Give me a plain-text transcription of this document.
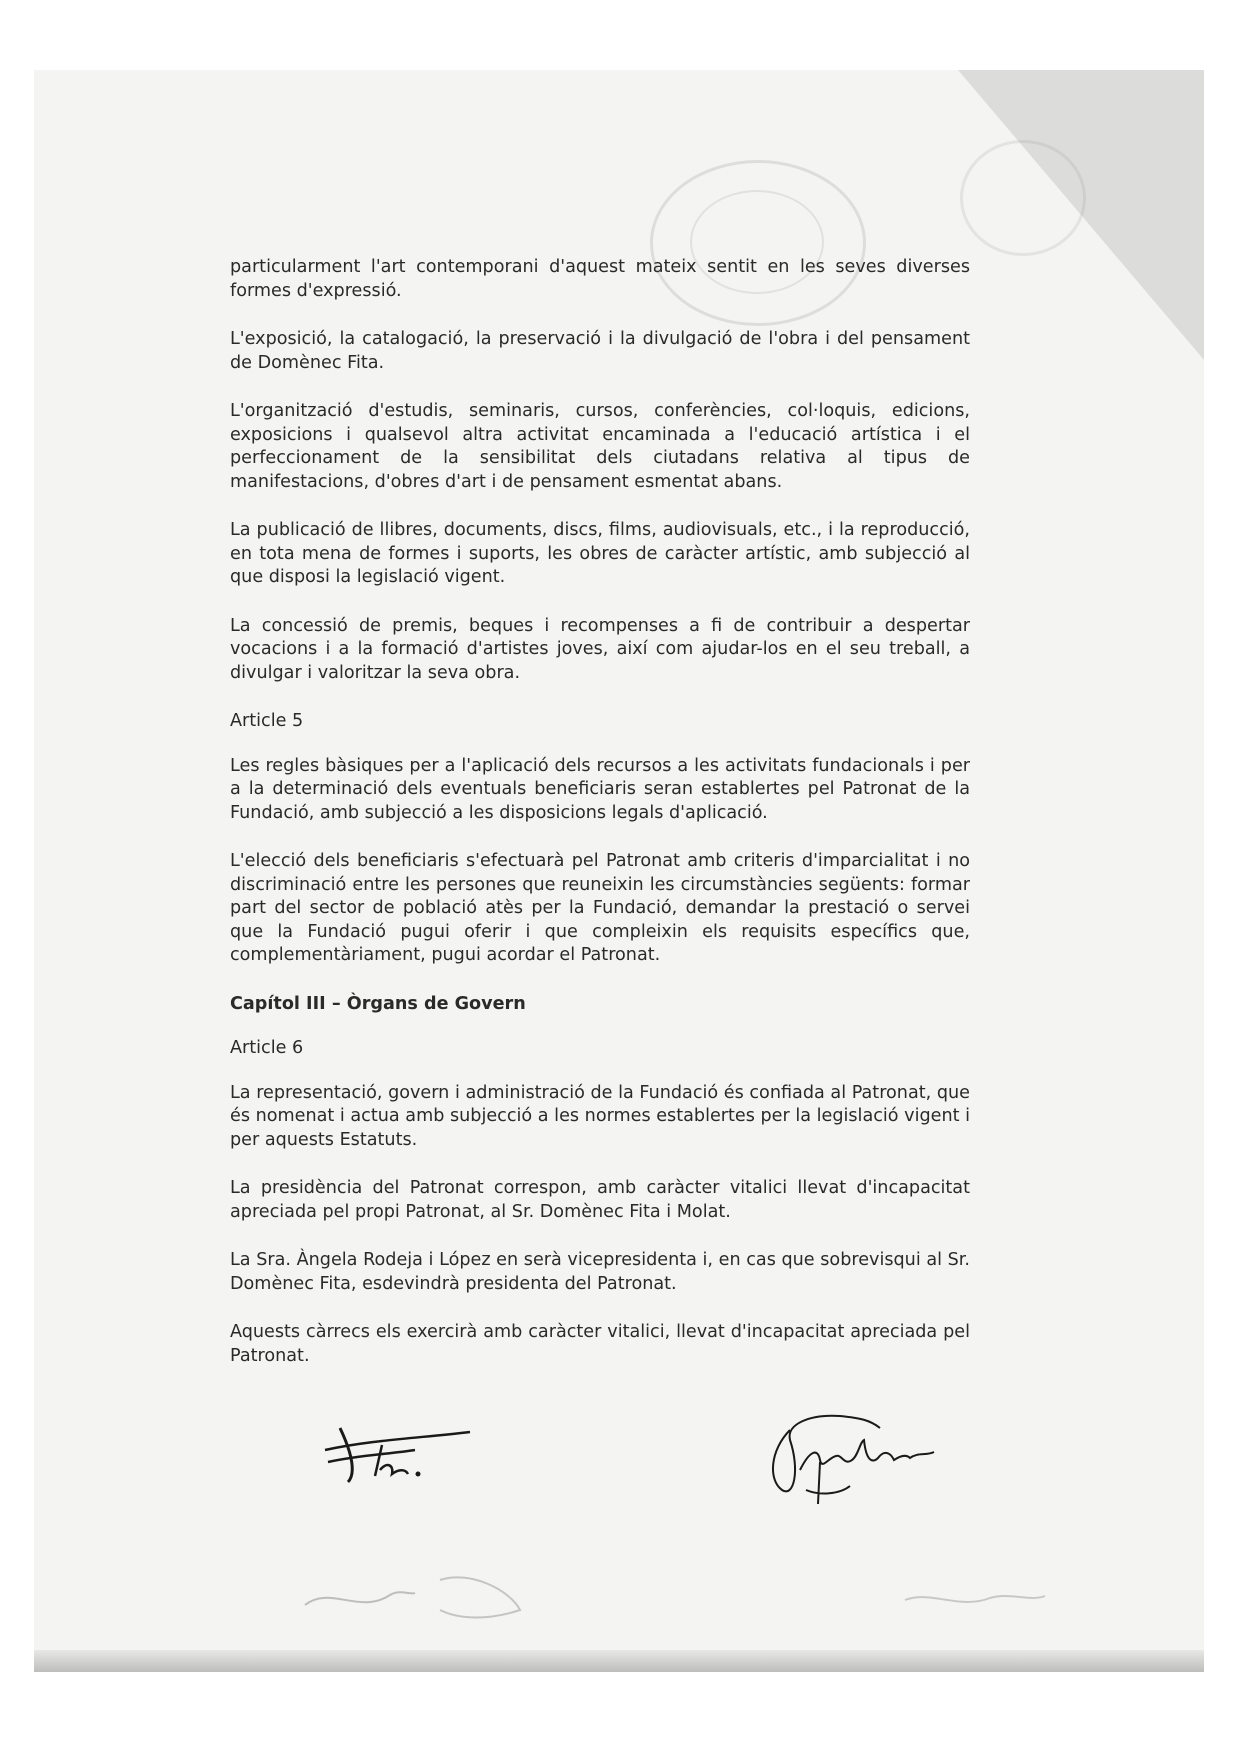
particularment l'art contemporani d'aquest mateix sentit en les seves diverses formes d'expressió.

L'exposició, la catalogació, la preservació i la divulgació de l'obra i del pensament de Domènec Fita.

L'organització d'estudis, seminaris, cursos, conferències, col·loquis, edicions, exposicions i qualsevol altra activitat encaminada a l'educació artística i el perfeccionament de la sensibilitat dels ciutadans relativa al tipus de manifestacions, d'obres d'art i de pensament esmentat abans.

La publicació de llibres, documents, discs, films, audiovisuals, etc., i la reproducció, en tota mena de formes i suports, les obres de caràcter artístic, amb subjecció al que disposi la legislació vigent.

La concessió de premis, beques i recompenses a fi de contribuir a despertar vocacions i a la formació d'artistes joves, així com ajudar-los en el seu treball, a divulgar i valoritzar la seva obra.

Article 5

Les regles bàsiques per a l'aplicació dels recursos a les activitats fundacionals i per a la determinació dels eventuals beneficiaris seran establertes pel Patronat de la Fundació, amb subjecció a les disposicions legals d'aplicació.

L'elecció dels beneficiaris s'efectuarà pel Patronat amb criteris d'imparcialitat i no discriminació entre les persones que reuneixin les circumstàncies següents: formar part del sector de població atès per la Fundació, demandar la prestació o servei que la Fundació pugui oferir i que compleixin els requisits específics que, complementàriament, pugui acordar el Patronat.

Capítol III – Òrgans de Govern

Article 6

La representació, govern i administració de la Fundació és confiada al Patronat, que és nomenat i actua amb subjecció a les normes establertes per la legislació vigent i per aquests Estatuts.

La presidència del Patronat correspon, amb caràcter vitalici llevat d'incapacitat apreciada pel propi Patronat, al Sr. Domènec Fita i Molat.

La Sra. Àngela Rodeja i López en serà vicepresidenta i, en cas que sobrevisqui al Sr. Domènec Fita, esdevindrà presidenta del Patronat.

Aquests càrrecs els exercirà amb caràcter vitalici, llevat d'incapacitat apreciada pel Patronat.
